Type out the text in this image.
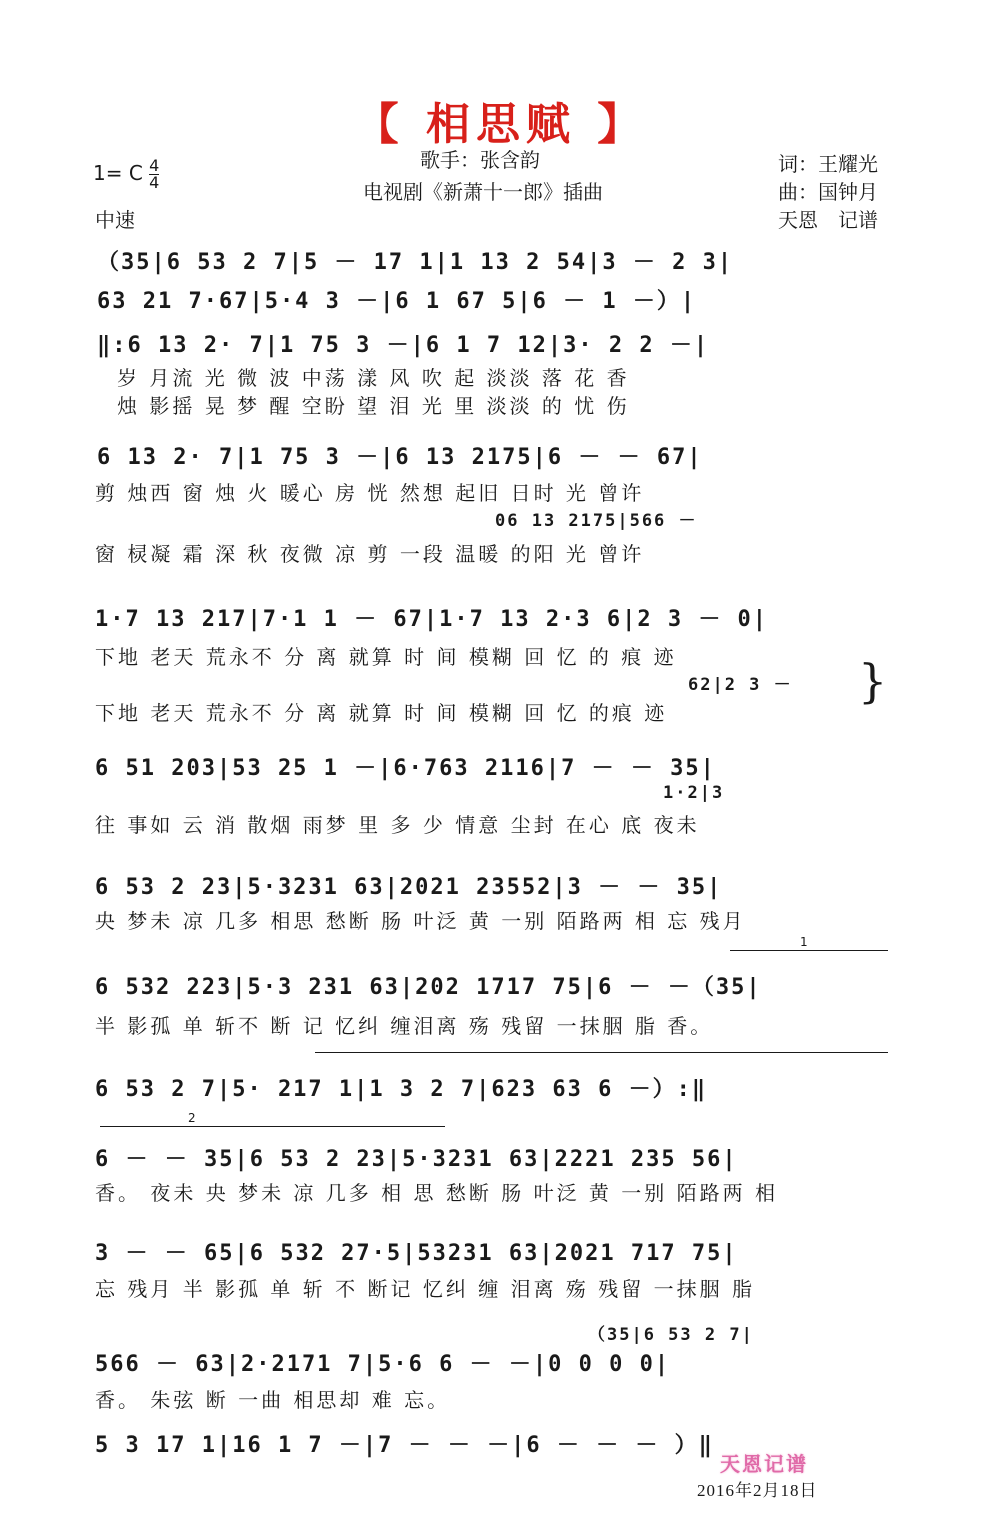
【 相思赋 】
歌手：张含韵
电视剧《新萧十一郎》插曲
词：王耀光
曲：国钟月
天恩　记谱
1= C $\frac{4}{4}$
中速
（35|6 53 2 7|5 － 17 1|1 13 2 54|3 － 2 3|
63 21 7·67|5·4 3 －|6 1 67 5|6 － 1 －）|
‖:6 13 2· 7|1 75 3 －|6 1 7 12|3· 2 2 －|
岁 月流 光 微 波 中荡 漾 风 吹 起 淡淡 落 花 香
烛 影摇 晃 梦 醒 空盼 望 泪 光 里 淡淡 的 忧 伤
6 13 2· 7|1 75 3 －|6 13 2175|6 － － 67|
剪 烛西 窗 烛 火 暖心 房 恍 然想 起旧 日时 光 曾许
06 13 2175|566 －
窗 棂凝 霜 深 秋 夜微 凉 剪 一段 温暖 的阳 光 曾许
1·7 13 217|7·1 1 － 67|1·7 13 2·3 6|2 3 － 0|
下地 老天 荒永不 分 离 就算 时 间 模糊 回 忆 的 痕 迹
62|2 3 － }
下地 老天 荒永不 分 离 就算 时 间 模糊 回 忆 的痕 迹
6 51 203|53 25 1 －|6·763 2116|7 － － 35|
1·2|3
往 事如 云 消 散烟 雨梦 里 多 少 情意 尘封 在心 底 夜未
6 53 2 23|5·3231 63|2021 23552|3 － － 35|
央 梦未 凉 几多 相思 愁断 肠 叶泛 黄 一别 陌路两 相 忘 残月
1
6 532 223|5·3 231 63|202 1717 75|6 － －（35|
半 影孤 单 斩不 断 记 忆纠 缠泪离 殇 残留 一抹胭 脂 香。
6 53 2 7|5· 217 1|1 3 2 7|623 63 6 －）:‖
2
6 － － 35|6 53 2 23|5·3231 63|2221 235 56|
香。 夜未 央 梦未 凉 几多 相 思 愁断 肠 叶泛 黄 一别 陌路两 相
3 － － 65|6 532 27·5|53231 63|2021 717 75|
忘 残月 半 影孤 单 斩 不 断记 忆纠 缠 泪离 殇 残留 一抹胭 脂
（35|6 53 2 7|
566 － 63|2·2171 7|5·6 6 － －|0 0 0 0|
香。 朱弦 断 一曲 相思却 难 忘。
5 3 17 1|16 1 7 －|7 － － －|6 － － － ）‖
天恩记谱
2016年2月18日
